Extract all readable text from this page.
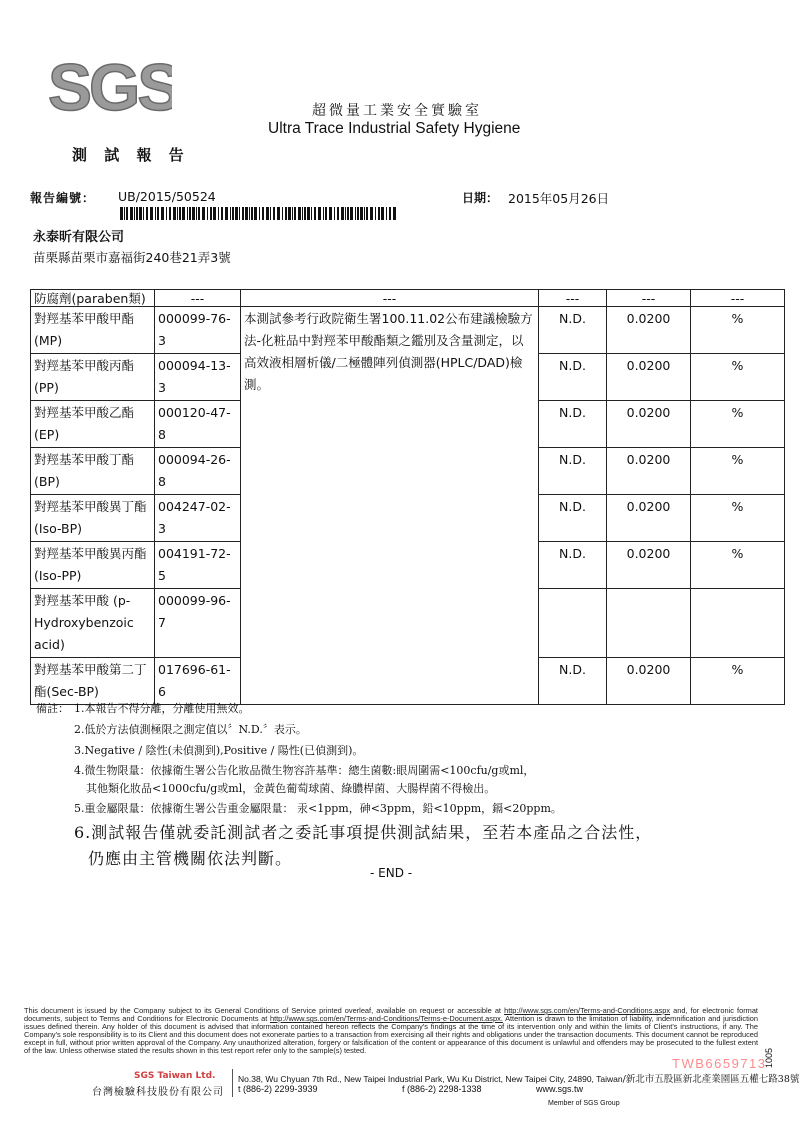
SGS	超微量工業安全實驗室
Ultra Trace Industrial Safety Hygiene
測 試 報 告
報告編號： UB/2015/50524	日期： 2015年05月26日
永泰昕有限公司
苗栗縣苗栗市嘉福街240巷21弄3號
防腐劑(paraben類)	---	---	---	---	---
對羥基苯甲酸甲酯(MP)	000099-76-3	本測試參考行政院衛生署100.11.02公布建議檢驗方法-化粧品中對羥苯甲酸酯類之鑑別及含量測定，以高效液相層析儀/二極體陣列偵測器(HPLC/DAD)檢測。	N.D.	0.0200	%
對羥基苯甲酸丙酯(PP)	000094-13-3		N.D.	0.0200	%
對羥基苯甲酸乙酯(EP)	000120-47-8		N.D.	0.0200	%
對羥基苯甲酸丁酯(BP)	000094-26-8		N.D.	0.0200	%
對羥基苯甲酸異丁酯(Iso-BP)	004247-02-3		N.D.	0.0200	%
對羥基苯甲酸異丙酯(Iso-PP)	004191-72-5		N.D.	0.0200	%
對羥基苯甲酸 (p-Hydroxybenzoic acid)	000099-96-7				
對羥基苯甲酸第二丁酯(Sec-BP)	017696-61-6		N.D.	0.0200	%
備註： 1.本報告不得分離，分離使用無效。
2.低於方法偵測極限之測定值以〞N.D.〞表示。
3.Negative / 陰性(未偵測到),Positive / 陽性(已偵測到)。
4.微生物限量：依據衛生署公告化妝品微生物容許基準：總生菌數:眼周圍需<100cfu/g或ml，
其他類化妝品<1000cfu/g或ml，金黃色葡萄球菌、綠膿桿菌、大腸桿菌不得檢出。
5.重金屬限量：依據衛生署公告重金屬限量： 汞<1ppm，砷<3ppm，鉛<10ppm，鎘<20ppm。
6.測試報告僅就委託測試者之委託事項提供測試結果，至若本產品之合法性，
仍應由主管機關依法判斷。
- END -
This document is issued by the Company subject to its General Conditions of Service printed overleaf, available on request or accessible at http://www.sgs.com/en/Terms-and-Conditions.aspx and, for electronic format documents, subject to Terms and Conditions for Electronic Documents at http://www.sgs.com/en/Terms-and-Conditions/Terms-e-Document.aspx. Attention is drawn to the limitation of liability, indemnification and jurisdiction issues defined therein. Any holder of this document is advised that information contained hereon reflects the Company's findings at the time of its intervention only and within the limits of Client's instructions, if any. The Company's sole responsibility is to its Client and this document does not exonerate parties to a transaction from exercising all their rights and obligations under the transaction documents. This document cannot be reproduced except in full, without prior written approval of the Company. Any unauthorized alteration, forgery or falsification of the content or appearance of this document is unlawful and offenders may be prosecuted to the fullest extent of the law. Unless otherwise stated the results shown in this test report refer only to the sample(s) tested.
TWB6659713
SGS Taiwan Ltd.
台灣檢驗科技股份有限公司
No.38, Wu Chyuan 7th Rd., New Taipei Industrial Park, Wu Ku District, New Taipei City, 24890, Taiwan/新北市五股區新北產業園區五權七路38號
t (886-2) 2299-3939	f (886-2) 2298-1338	www.sgs.tw
Member of SGS Group
1005
